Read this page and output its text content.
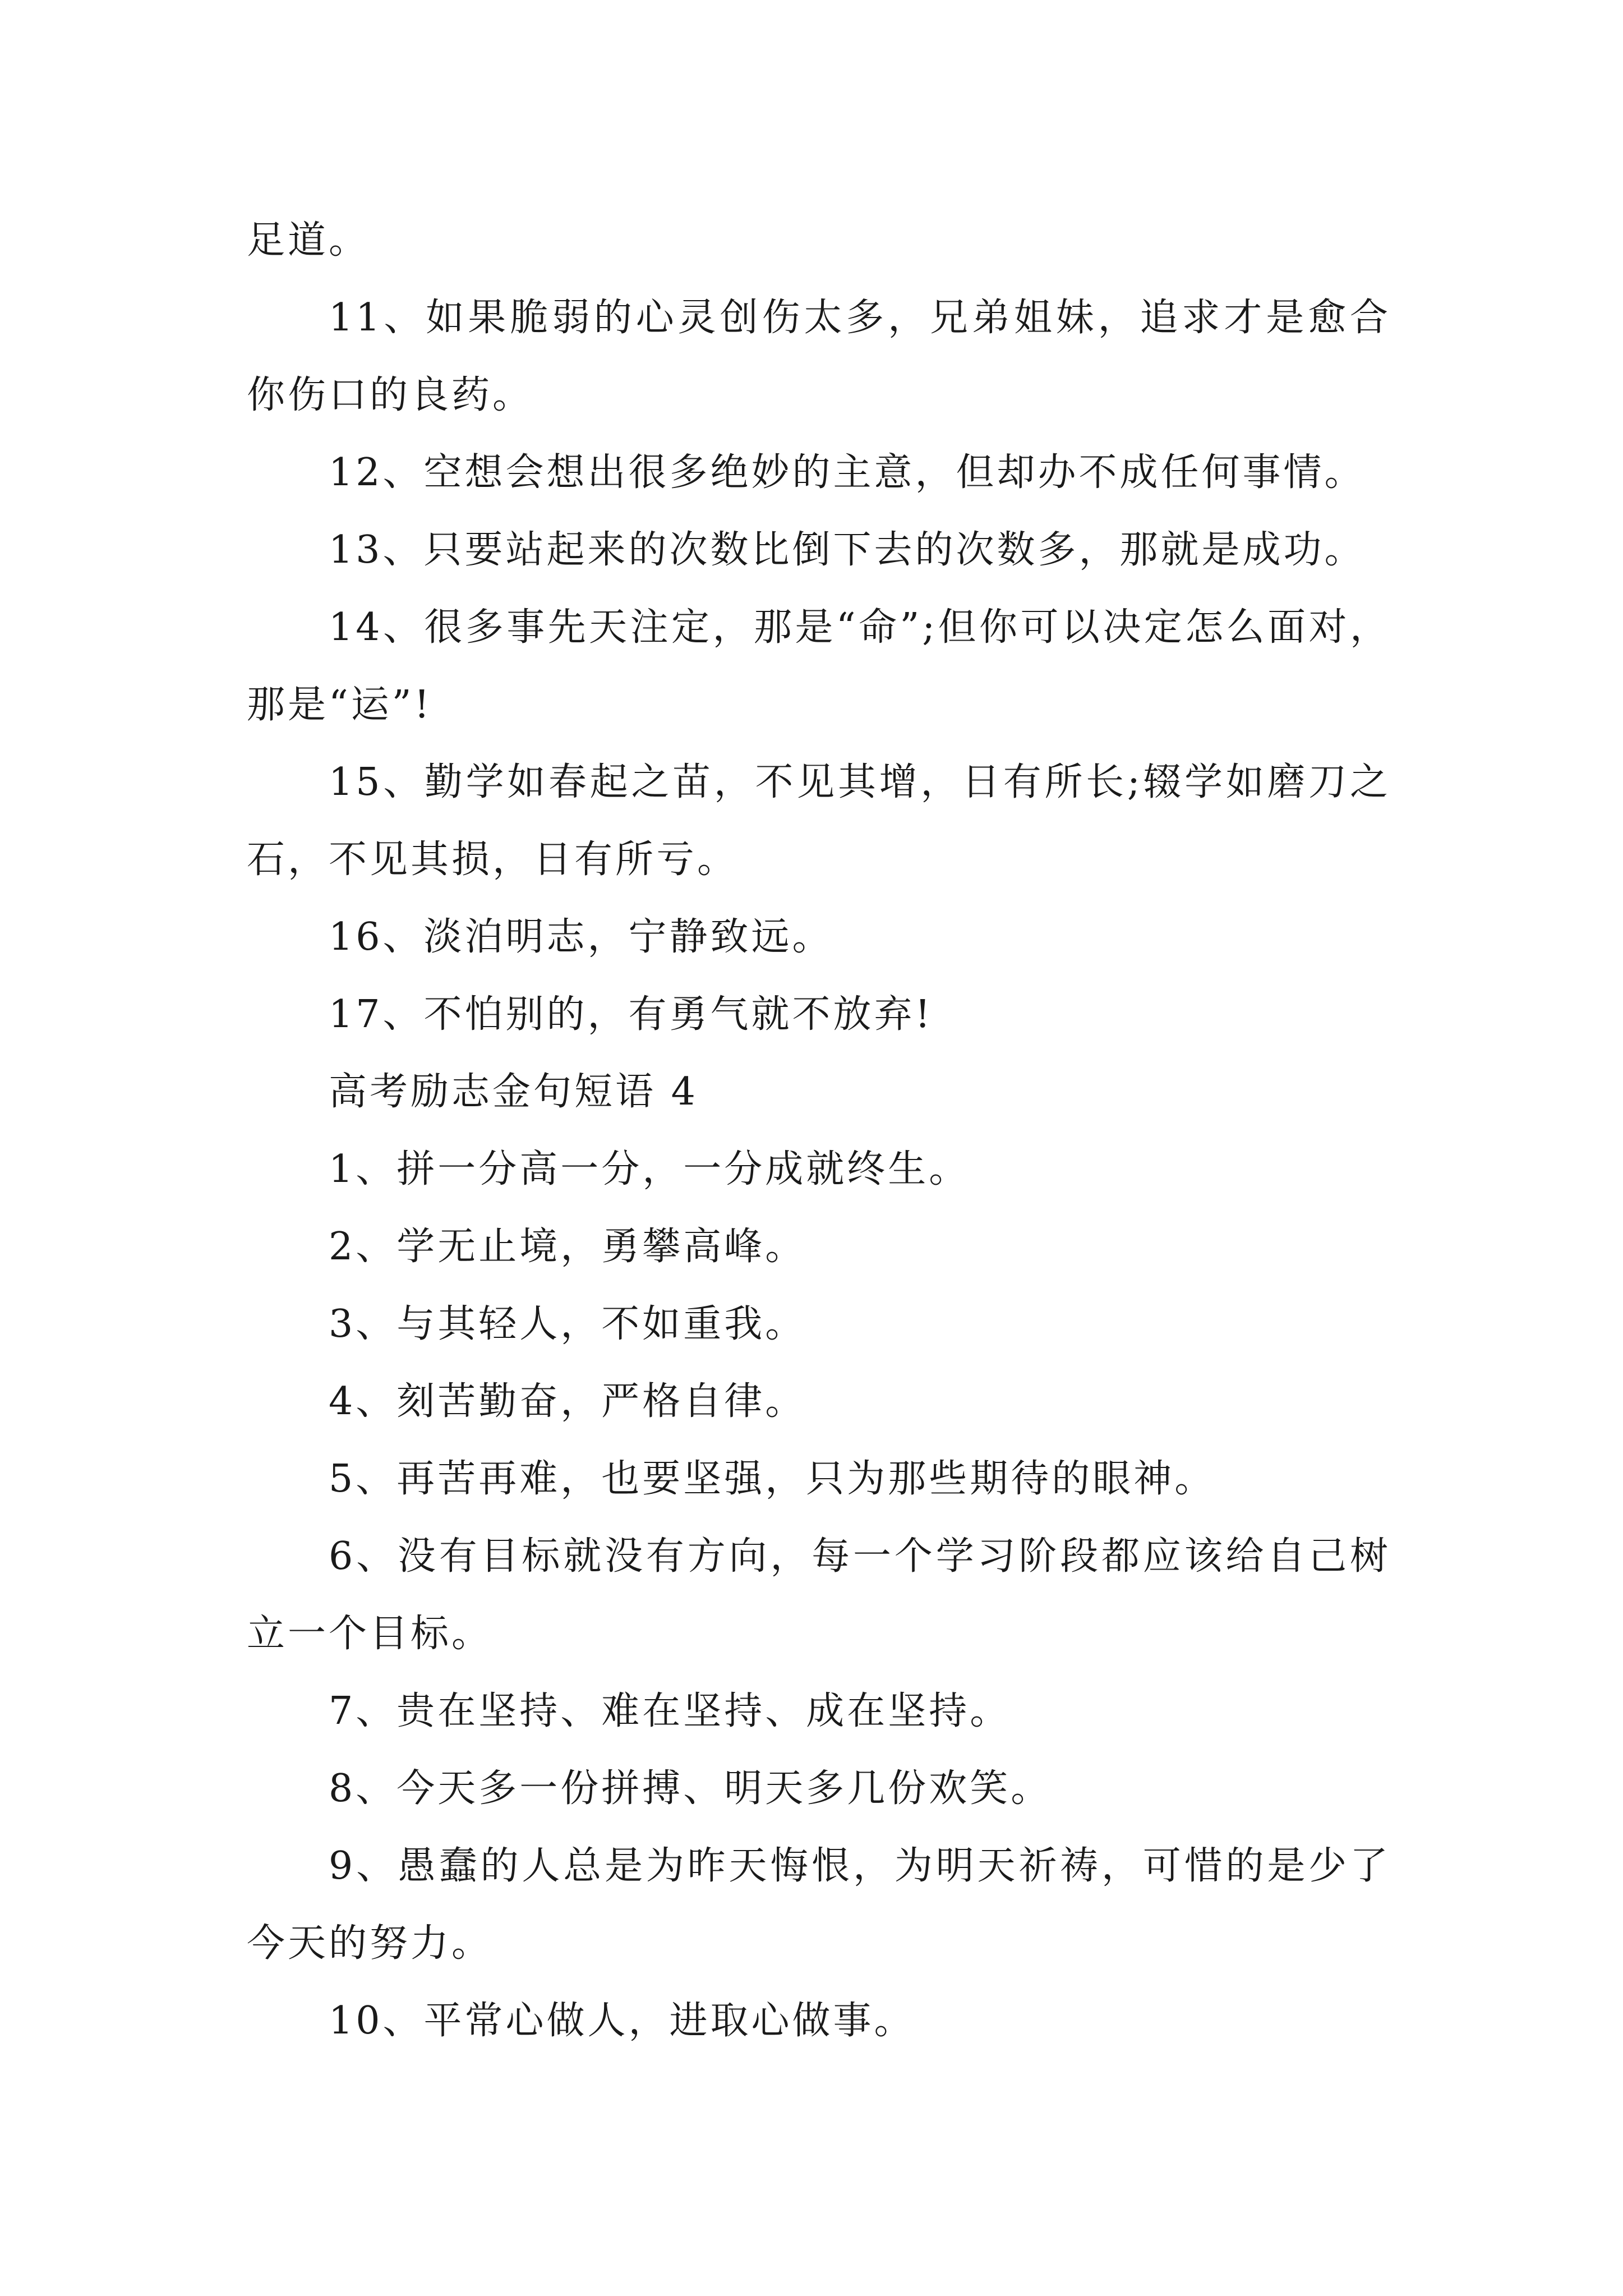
足道。

11、如果脆弱的心灵创伤太多，兄弟姐妹，追求才是愈合你伤口的良药。

12、空想会想出很多绝妙的主意，但却办不成任何事情。

13、只要站起来的次数比倒下去的次数多，那就是成功。

14、很多事先天注定，那是“命”;但你可以决定怎么面对，那是“运”!

15、勤学如春起之苗，不见其增，日有所长;辍学如磨刀之石，不见其损，日有所亏。

16、淡泊明志，宁静致远。

17、不怕别的，有勇气就不放弃!

高考励志金句短语 4

1、拼一分高一分，一分成就终生。

2、学无止境，勇攀高峰。

3、与其轻人，不如重我。

4、刻苦勤奋，严格自律。

5、再苦再难，也要坚强，只为那些期待的眼神。

6、没有目标就没有方向，每一个学习阶段都应该给自己树立一个目标。

7、贵在坚持、难在坚持、成在坚持。

8、今天多一份拼搏、明天多几份欢笑。

9、愚蠢的人总是为昨天悔恨，为明天祈祷，可惜的是少了今天的努力。

10、平常心做人，进取心做事。
